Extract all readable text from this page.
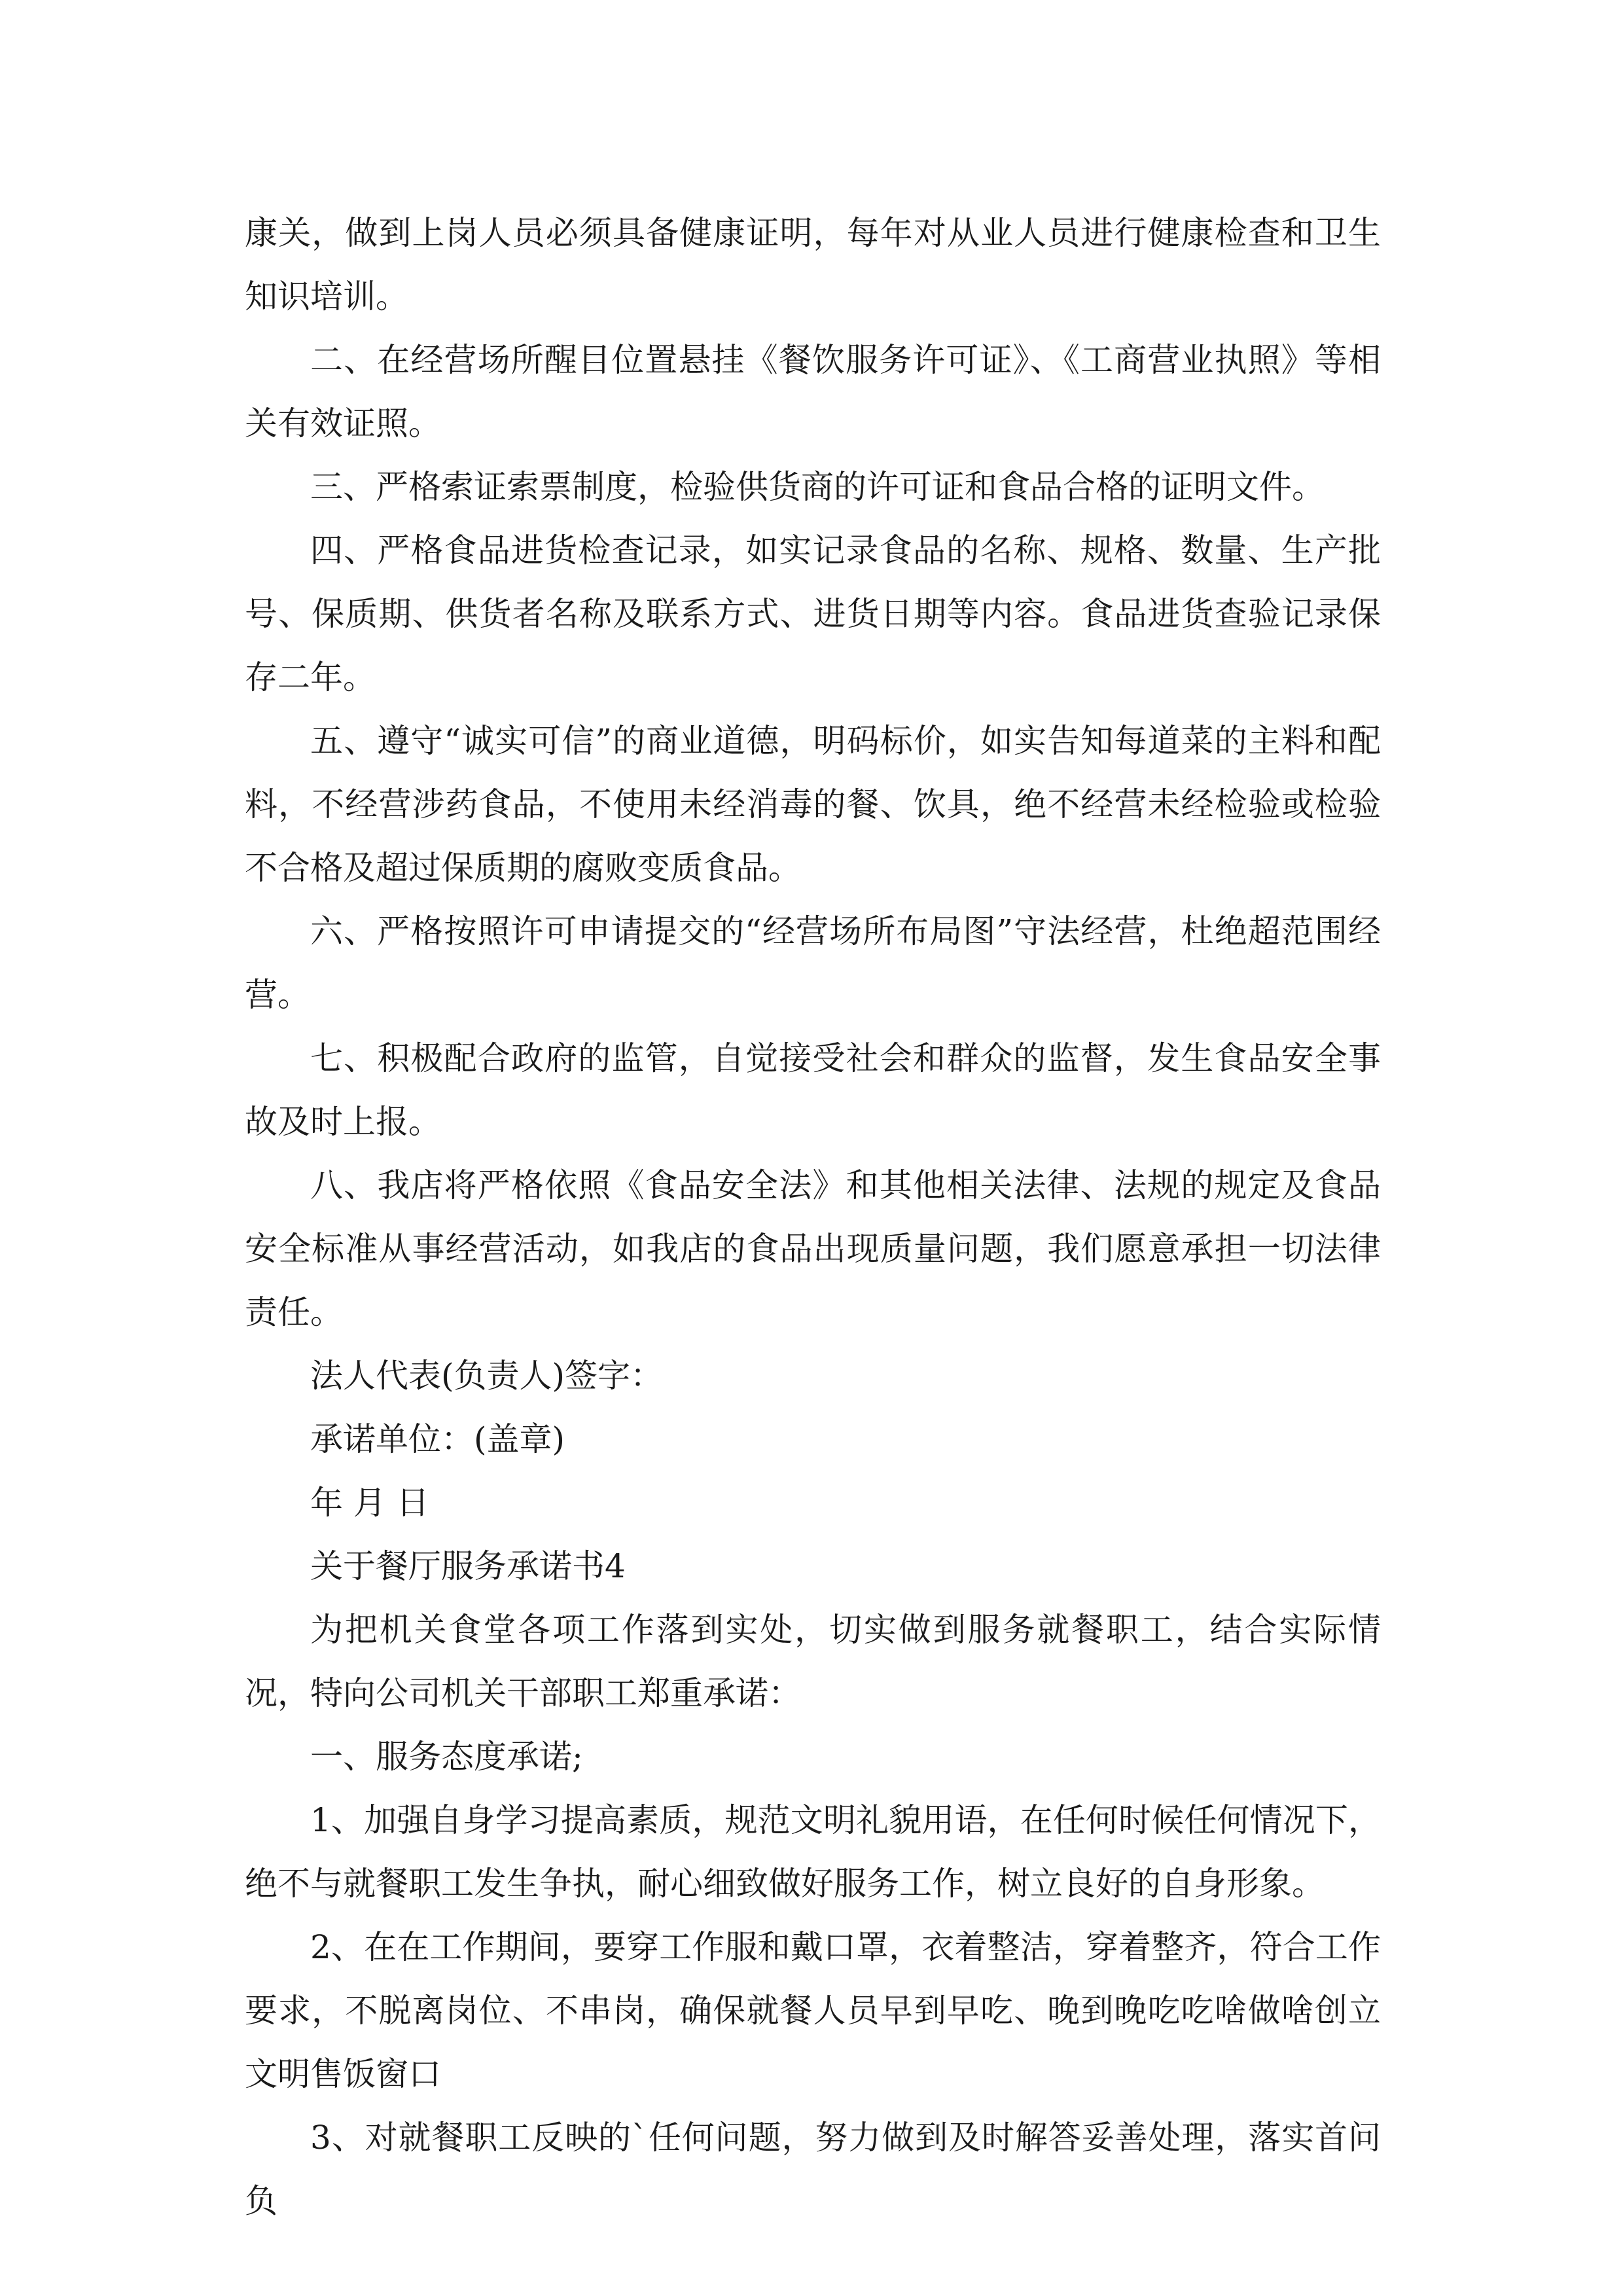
康关，做到上岗人员必须具备健康证明，每年对从业人员进行健康检查和卫生知识培训。

二、在经营场所醒目位置悬挂《餐饮服务许可证》、《工商营业执照》等相关有效证照。

三、严格索证索票制度，检验供货商的许可证和食品合格的证明文件。

四、严格食品进货检查记录，如实记录食品的名称、规格、数量、生产批号、保质期、供货者名称及联系方式、进货日期等内容。食品进货查验记录保存二年。

五、遵守“诚实可信”的商业道德，明码标价，如实告知每道菜的主料和配料，不经营涉药食品，不使用未经消毒的餐、饮具，绝不经营未经检验或检验不合格及超过保质期的腐败变质食品。

六、严格按照许可申请提交的“经营场所布局图”守法经营，杜绝超范围经营。

七、积极配合政府的监管，自觉接受社会和群众的监督，发生食品安全事故及时上报。

八、我店将严格依照《食品安全法》和其他相关法律、法规的规定及食品安全标准从事经营活动，如我店的食品出现质量问题，我们愿意承担一切法律责任。

法人代表(负责人)签字：

承诺单位：(盖章)

年 月 日

关于餐厅服务承诺书4

为把机关食堂各项工作落到实处，切实做到服务就餐职工，结合实际情况，特向公司机关干部职工郑重承诺：

一、服务态度承诺;

1、加强自身学习提高素质，规范文明礼貌用语，在任何时候任何情况下，绝不与就餐职工发生争执，耐心细致做好服务工作，树立良好的自身形象。

2、在在工作期间，要穿工作服和戴口罩，衣着整洁，穿着整齐，符合工作要求，不脱离岗位、不串岗，确保就餐人员早到早吃、晚到晚吃吃啥做啥创立文明售饭窗口

3、对就餐职工反映的`任何问题，努力做到及时解答妥善处理，落实首问负
